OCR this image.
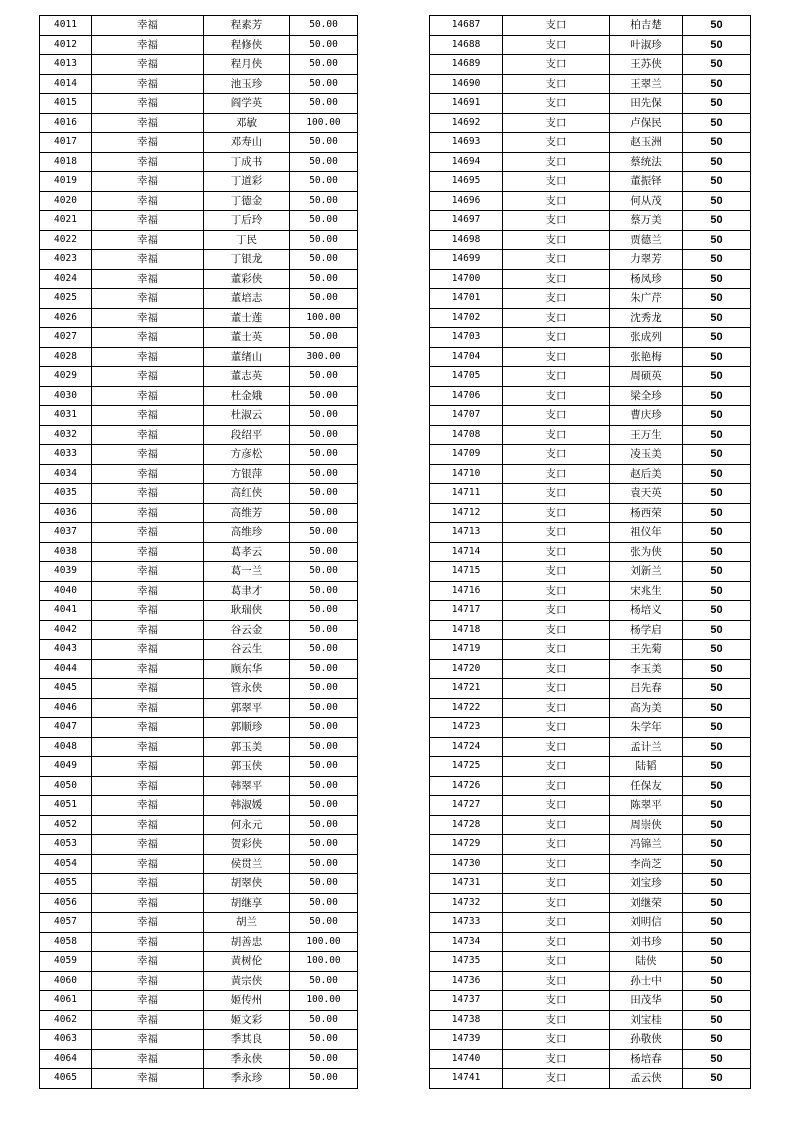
4011	幸福	程素芳	50.00
4012	幸福	程修侠	50.00
4013	幸福	程月侠	50.00
4014	幸福	池玉珍	50.00
4015	幸福	阎学英	50.00
4016	幸福	邓敏	100.00
4017	幸福	邓寿山	50.00
4018	幸福	丁成书	50.00
4019	幸福	丁道彩	50.00
4020	幸福	丁德金	50.00
4021	幸福	丁后玲	50.00
4022	幸福	丁民	50.00
4023	幸福	丁银龙	50.00
4024	幸福	董彩侠	50.00
4025	幸福	董培志	50.00
4026	幸福	董士莲	100.00
4027	幸福	董士英	50.00
4028	幸福	董绪山	300.00
4029	幸福	董志英	50.00
4030	幸福	杜金娥	50.00
4031	幸福	杜淑云	50.00
4032	幸福	段绍平	50.00
4033	幸福	方彦松	50.00
4034	幸福	方银萍	50.00
4035	幸福	高红侠	50.00
4036	幸福	高维芳	50.00
4037	幸福	高维珍	50.00
4038	幸福	葛孝云	50.00
4039	幸福	葛一兰	50.00
4040	幸福	葛聿才	50.00
4041	幸福	耿瑞侠	50.00
4042	幸福	谷云金	50.00
4043	幸福	谷云生	50.00
4044	幸福	顾东华	50.00
4045	幸福	管永侠	50.00
4046	幸福	郭翠平	50.00
4047	幸福	郭顺珍	50.00
4048	幸福	郭玉美	50.00
4049	幸福	郭玉侠	50.00
4050	幸福	韩翠平	50.00
4051	幸福	韩淑媛	50.00
4052	幸福	何永元	50.00
4053	幸福	贺彩侠	50.00
4054	幸福	侯贯兰	50.00
4055	幸福	胡翠侠	50.00
4056	幸福	胡继享	50.00
4057	幸福	胡兰	50.00
4058	幸福	胡善忠	100.00
4059	幸福	黄树伦	100.00
4060	幸福	黄宗侠	50.00
4061	幸福	姬传州	100.00
4062	幸福	姬文彩	50.00
4063	幸福	季其良	50.00
4064	幸福	季永侠	50.00
4065	幸福	季永珍	50.00
14687	支口	柏吉楚	50
14688	支口	叶淑珍	50
14689	支口	王苏侠	50
14690	支口	王翠兰	50
14691	支口	田先保	50
14692	支口	卢保民	50
14693	支口	赵玉洲	50
14694	支口	蔡统法	50
14695	支口	董振铎	50
14696	支口	何从茂	50
14697	支口	蔡万美	50
14698	支口	贾德兰	50
14699	支口	力翠芳	50
14700	支口	杨凤珍	50
14701	支口	朱广芹	50
14702	支口	沈秀龙	50
14703	支口	张成列	50
14704	支口	张艳梅	50
14705	支口	周硕英	50
14706	支口	梁全珍	50
14707	支口	曹庆珍	50
14708	支口	王万生	50
14709	支口	凌玉美	50
14710	支口	赵后美	50
14711	支口	袁天英	50
14712	支口	杨西荣	50
14713	支口	祖仪年	50
14714	支口	张为侠	50
14715	支口	刘新兰	50
14716	支口	宋兆生	50
14717	支口	杨培义	50
14718	支口	杨学启	50
14719	支口	王先菊	50
14720	支口	李玉美	50
14721	支口	吕先春	50
14722	支口	高为美	50
14723	支口	朱学年	50
14724	支口	孟计兰	50
14725	支口	陆韬	50
14726	支口	任保友	50
14727	支口	陈翠平	50
14728	支口	周崇侠	50
14729	支口	冯锦兰	50
14730	支口	李尚芝	50
14731	支口	刘宝珍	50
14732	支口	刘继荣	50
14733	支口	刘明信	50
14734	支口	刘书珍	50
14735	支口	陆侠	50
14736	支口	孙士中	50
14737	支口	田茂华	50
14738	支口	刘宝桂	50
14739	支口	孙敬侠	50
14740	支口	杨培春	50
14741	支口	孟云侠	50
